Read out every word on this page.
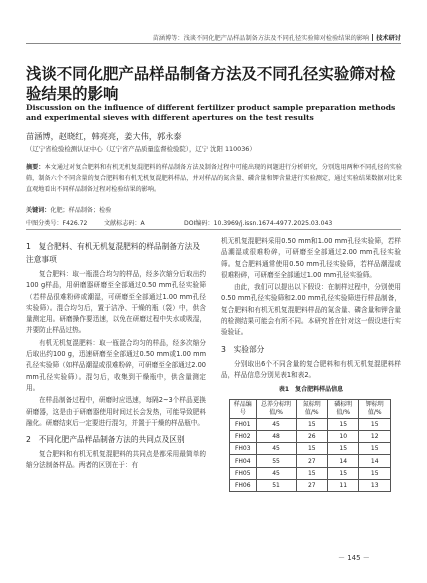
苗涵博等：浅谈不同化肥产品样品制备方法及不同孔径实验筛对检验结果的影响 技术研讨
浅谈不同化肥产品样品制备方法及不同孔径实验筛对检验结果的影响
Discussion on the influence of different fertilizer product sample preparation methods and experimental sieves with different apertures on the test results
苗涵博，赵晓红，韩亮亮，姜大伟，郭永泰
（辽宁省检验检测认证中心（辽宁省产品质量监督检验院），辽宁 沈阳 110036）
摘要：本文通过对复合肥料和有机无机复混肥料的样品制备方法及制备过程中可能出现的问题进行分析研究，分别选用两种不同孔径的实验筛，制备六个不同含量的复合肥料和有机无机复混肥料样品，并对样品的氮含量、磷含量和钾含量进行实验测定，通过实验结果数据对比来直观地看出不同样品制备过程对检验结果的影响。
关键词：化肥；样品制备；检验
中图分类号：F426.72	文献标志码：A	DOI编码：10.3969/j.issn.1674-4977.2025.03.043
1　复合肥料、有机无机复混肥料的样品制备方法及注意事项

复合肥料：取一瓶混合均匀的样品，经多次缩分后取出约100 g样品，用研磨器研磨至全部通过0.50 mm孔径实验筛（若样品很难粉碎或潮湿，可研磨至全部通过1.00 mm孔径实验筛）。混合均匀后，置于洁净、干燥的瓶（袋）中，供含量测定用。研磨操作要迅速，以免在研磨过程中失水或吸湿，并要防止样品过热。

有机无机复混肥料：取一瓶混合均匀的样品，经多次缩分后取出约100 g，迅速研磨至全部通过0.50 mm或1.00 mm孔径实验筛（如样品潮湿或很难粉碎，可研磨至全部通过2.00 mm孔径实验筛）。混匀后，收集到干燥瓶中，供含量测定用。

在样品制备过程中，研磨时应迅速，每隔2~3个样品更换研磨器，这是由于研磨器使用时间过长会发热，可能导致肥料融化。研磨结束后一定要进行混匀，并置于干燥的样品瓶中。

2　不同化肥产品样品制备方法的共同点及区别

复合肥料和有机无机复混肥料的共同点是都采用最简单的缩分法制备样品。两者的区别在于：有

机无机复混肥料采用0.50 mm和1.00 mm孔径实验筛，若样品潮湿或很难粉碎，可研磨至全部通过2.00 mm孔径实验筛。复合肥料通常使用0.50 mm孔径实验筛，若样品潮湿或很难粉碎，可研磨至全部通过1.00 mm孔径实验筛。

由此，我们可以提出以下假设：在制样过程中，分别使用0.50 mm孔径实验筛和2.00 mm孔径实验筛进行样品制备，复合肥料和有机无机复混肥料样品的氮含量、磷含量和钾含量的检测结果可能会有所不同。本研究旨在针对这一假设进行实验验证。

3　实验部分

分别取出6个不同含量的复合肥料和有机无机复混肥料样品，样品信息分别见表1和表2。

表1　复合肥料样品信息
样品编号	总养分标明值/%	氮标明值/%	磷标明值/%	钾标明值/%
FH01	45	15	15	15
FH02	48	26	10	12
FH03	45	15	15	15
FH04	55	27	14	14
FH05	45	15	15	15
FH06	51	27	11	13
－ 145 －
